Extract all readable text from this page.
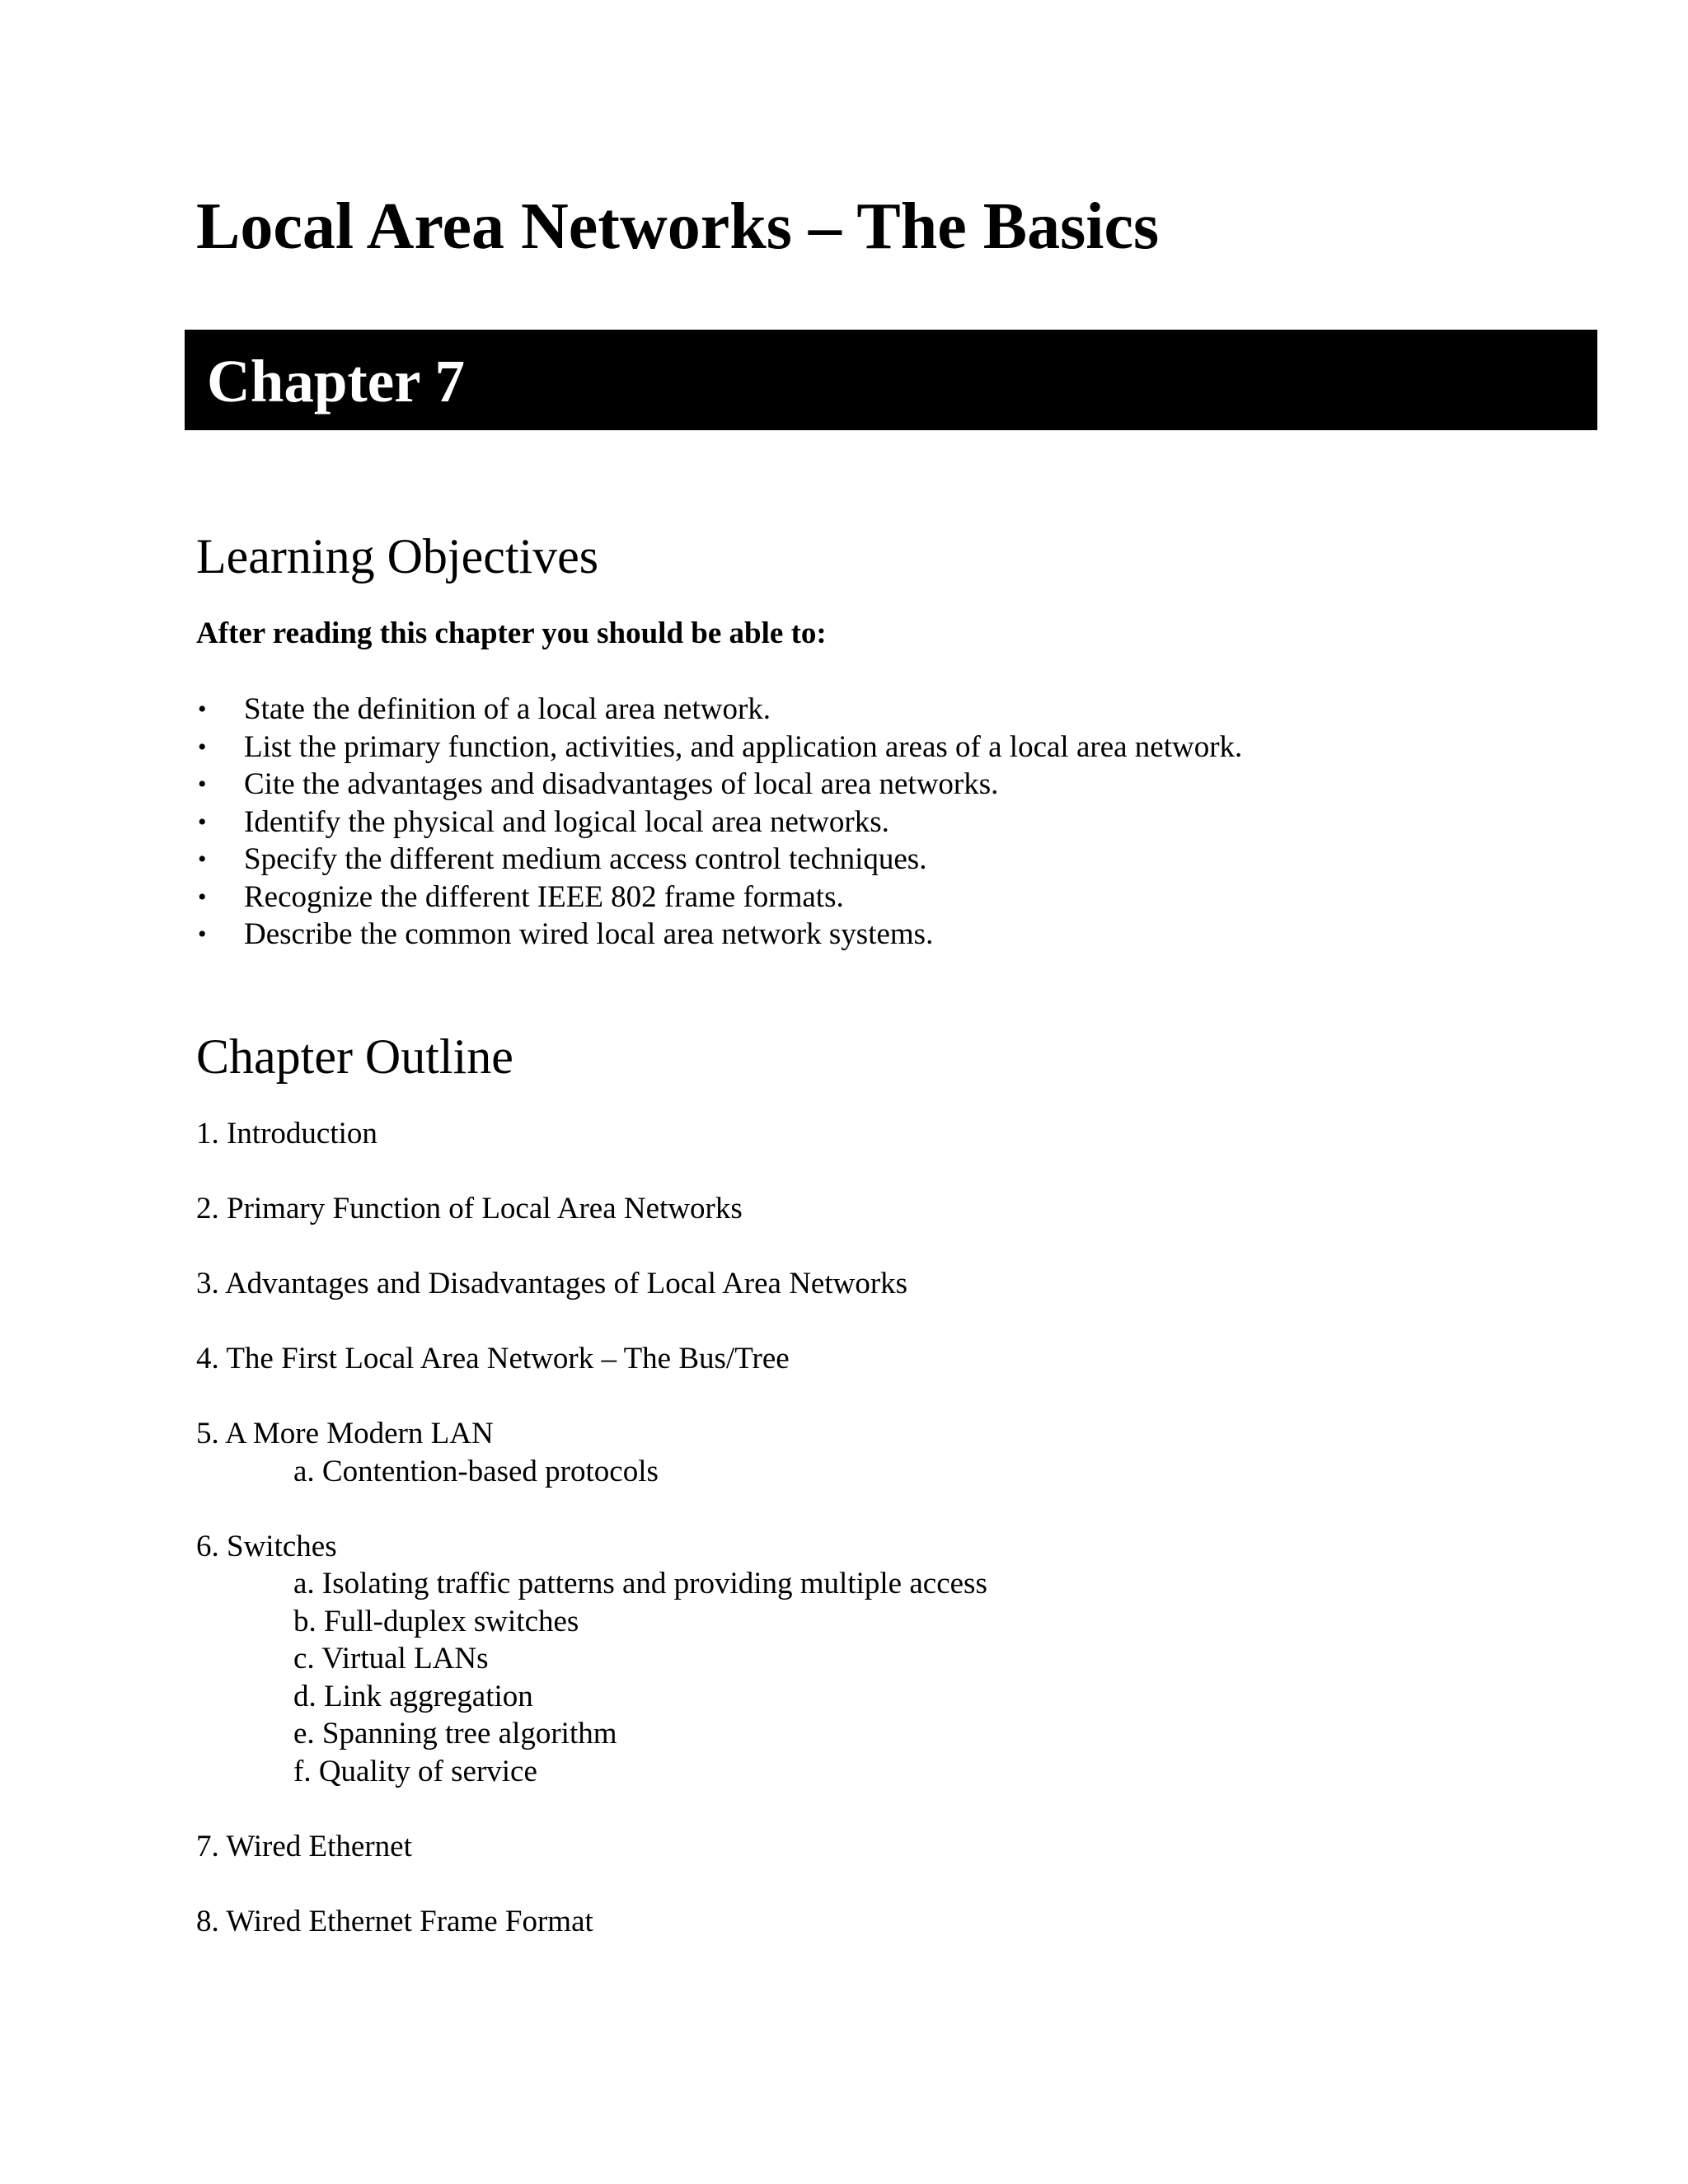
Local Area Networks – The Basics
Chapter 7
Learning Objectives

After reading this chapter you should be able to:

• State the definition of a local area network.
• List the primary function, activities, and application areas of a local area network.
• Cite the advantages and disadvantages of local area networks.
• Identify the physical and logical local area networks.
• Specify the different medium access control techniques.
• Recognize the different IEEE 802 frame formats.
• Describe the common wired local area network systems.
Chapter Outline
1. Introduction
2. Primary Function of Local Area Networks
3. Advantages and Disadvantages of Local Area Networks
4. The First Local Area Network – The Bus/Tree
5. A More Modern LAN
a. Contention-based protocols
6. Switches
a. Isolating traffic patterns and providing multiple access
b. Full-duplex switches
c. Virtual LANs
d. Link aggregation
e. Spanning tree algorithm
f. Quality of service
7. Wired Ethernet
8. Wired Ethernet Frame Format
